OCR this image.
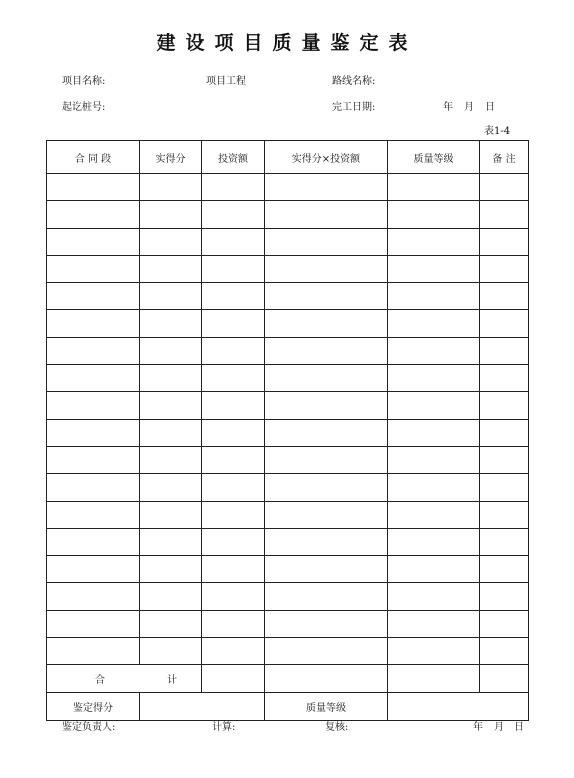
建设项目质量鉴定表
项目名称:	项目工程	路线名称:
起讫桩号:	完工日期:	年 月 日
表1-4
合 同 段	实得分	投资额	实得分×投资额	质量等级	备 注

合 计					

鉴定得分			质量等级		
鉴定负责人:	计算:	复核:	年 月 日
